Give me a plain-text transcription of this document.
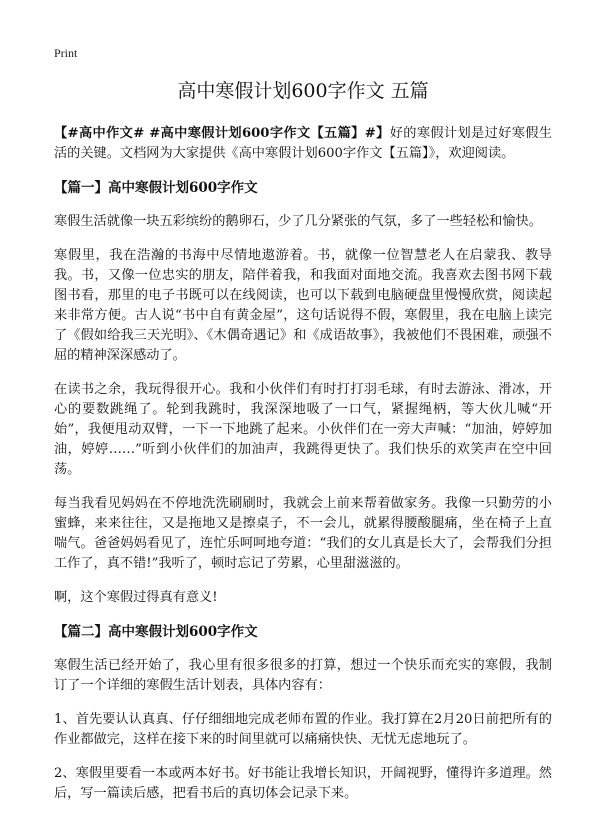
Print
高中寒假计划600字作文 五篇

【#高中作文# #高中寒假计划600字作文【五篇】#】好的寒假计划是过好寒假生活的关键。文档网为大家提供《高中寒假计划600字作文【五篇】》，欢迎阅读。

【篇一】高中寒假计划600字作文

寒假生活就像一块五彩缤纷的鹅卵石，少了几分紧张的气氛，多了一些轻松和愉快。

寒假里，我在浩瀚的书海中尽情地遨游着。书，就像一位智慧老人在启蒙我、教导我。书，又像一位忠实的朋友，陪伴着我，和我面对面地交流。我喜欢去图书网下载图书看，那里的电子书既可以在线阅读，也可以下载到电脑硬盘里慢慢欣赏，阅读起来非常方便。古人说“书中自有黄金屋”，这句话说得不假，寒假里，我在电脑上读完了《假如给我三天光明》、《木偶奇遇记》和《成语故事》，我被他们不畏困难，顽强不屈的精神深深感动了。

在读书之余，我玩得很开心。我和小伙伴们有时打打羽毛球，有时去游泳、滑冰，开心的要数跳绳了。轮到我跳时，我深深地吸了一口气，紧握绳柄，等大伙儿喊“开始”，我便甩动双臂，一下一下地跳了起来。小伙伴们在一旁大声喊：“加油，婷婷加油，婷婷……”听到小伙伴们的加油声，我跳得更快了。我们快乐的欢笑声在空中回荡。

每当我看见妈妈在不停地洗洗刷刷时，我就会上前来帮着做家务。我像一只勤劳的小蜜蜂，来来往往，又是拖地又是擦桌子，不一会儿，就累得腰酸腿痛，坐在椅子上直喘气。爸爸妈妈看见了，连忙乐呵呵地夸道：“我们的女儿真是长大了，会帮我们分担工作了，真不错!”我听了，顿时忘记了劳累，心里甜滋滋的。

啊，这个寒假过得真有意义!

【篇二】高中寒假计划600字作文

寒假生活已经开始了，我心里有很多很多的打算，想过一个快乐而充实的寒假，我制订了一个详细的寒假生活计划表，具体内容有：

1、首先要认认真真、仔仔细细地完成老师布置的作业。我打算在2月20日前把所有的作业都做完，这样在接下来的时间里就可以痛痛快快、无忧无虑地玩了。

2、寒假里要看一本或两本好书。好书能让我增长知识，开阔视野，懂得许多道理。然后，写一篇读后感，把看书后的真切体会记录下来。
